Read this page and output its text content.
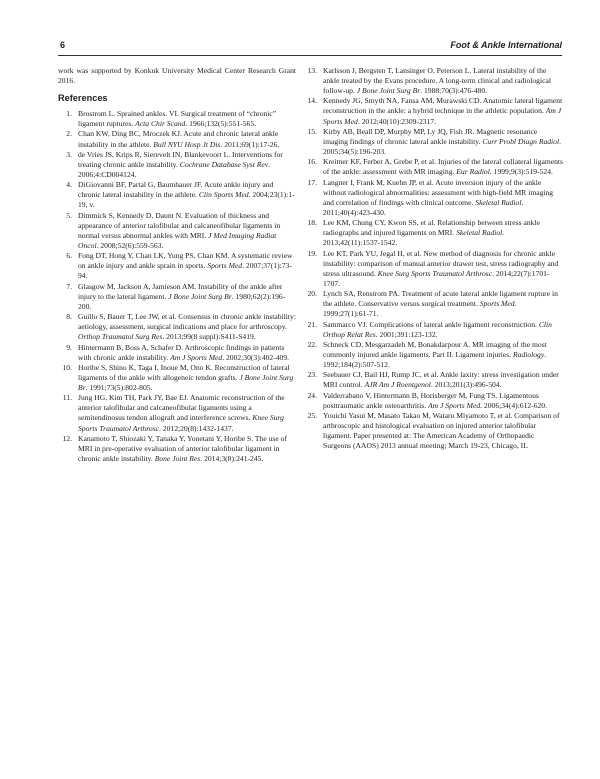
6	Foot & Ankle International

work was supported by Konkuk University Medical Center Research Grant 2016.

References
1. Brostrom L. Sprained ankles. VI. Surgical treatment of “chronic” ligament ruptures. Acta Chir Scand. 1966;132(5):551-565.
2. Chan KW, Ding BC, Mroczek KJ. Acute and chronic lateral ankle instability in the athlete. Bull NYU Hosp Jt Dis. 2011;69(1):17-26.
3. de Vries JS, Krips R, Sierevelt IN, Blankevoort L. Interventions for treating chronic ankle instability. Cochrane Database Syst Rev. 2006;4:CD004124.
4. DiGiovanni BF, Partal G, Baumhauer JF. Acute ankle injury and chronic lateral instability in the athlete. Clin Sports Med. 2004;23(1):1-19, v.
5. Dimmick S, Kennedy D, Daunt N. Evaluation of thickness and appearance of anterior talofibular and calcaneofibular ligaments in normal versus abnormal ankles with MRI. J Med Imaging Radiat Oncol. 2008;52(6):559-563.
6. Fong DT, Hong Y, Chan LK, Yung PS, Chan KM. A systematic review on ankle injury and ankle sprain in sports. Sports Med. 2007;37(1):73-94.
7. Glasgow M, Jackson A, Jamieson AM. Instability of the ankle after injury to the lateral ligament. J Bone Joint Surg Br. 1980;62(2):196-200.
8. Guillo S, Bauer T, Lee JW, et al. Consensus in chronic ankle instability: aetiology, assessment, surgical indications and place for arthroscopy. Orthop Traumatol Surg Res. 2013;99(8 suppl):S411-S419.
9. Hintermann B, Boss A, Schafer D. Arthroscopic findings in patients with chronic ankle instability. Am J Sports Med. 2002;30(3):402-409.
10. Horibe S, Shino K, Taga I, Inoue M, Ono K. Reconstruction of lateral ligaments of the ankle with allogeneic tendon grafts. J Bone Joint Surg Br. 1991;73(5):802-805.
11. Jung HG, Kim TH, Park JY, Bae EJ. Anatomic reconstruction of the anterior talofibular and calcaneofibular ligaments using a semitendinosus tendon allograft and interference screws. Knee Surg Sports Traumatol Arthrosc. 2012;20(8):1432-1437.
12. Kanamoto T, Shiozaki Y, Tanaka Y, Yonetani Y, Horibe S. The use of MRI in pre-operative evaluation of anterior talofibular ligament in chronic ankle instability. Bone Joint Res. 2014;3(8):241-245.
13. Karlsson J, Bergsten T, Lansinger O, Peterson L. Lateral instability of the ankle treated by the Evans procedure. A long-term clinical and radiological follow-up. J Bone Joint Surg Br. 1988;70(3):476-480.
14. Kennedy JG, Smyth NA, Fansa AM, Murawski CD. Anatomic lateral ligament reconstruction in the ankle: a hybrid technique in the athletic population. Am J Sports Med. 2012;40(10):2309-2317.
15. Kirby AB, Beall DP, Murphy MP, Ly JQ, Fish JR. Magnetic resonance imaging findings of chronic lateral ankle instability. Curr Probl Diagn Radiol. 2005;34(5):196-203.
16. Kreitner KF, Ferber A, Grebe P, et al. Injuries of the lateral collateral ligaments of the ankle: assessment with MR imaging. Eur Radiol. 1999;9(3):519-524.
17. Langner I, Frank M, Kuehn JP, et al. Acute inversion injury of the ankle without radiological abnormalities: assessment with high-field MR imaging and correlation of findings with clinical outcome. Skeletal Radiol. 2011;40(4):423-430.
18. Lee KM, Chung CY, Kwon SS, et al. Relationship between stress ankle radiographs and injured ligaments on MRI. Skeletal Radiol. 2013;42(11):1537-1542.
19. Lee KT, Park YU, Jegal H, et al. New method of diagnosis for chronic ankle instability: comparison of manual anterior drawer test, stress radiography and stress ultrasound. Knee Surg Sports Traumatol Arthrosc. 2014;22(7):1701-1707.
20. Lynch SA, Renstrom PA. Treatment of acute lateral ankle ligament rupture in the athlete. Conservative versus surgical treatment. Sports Med. 1999;27(1):61-71.
21. Sammarco VJ. Complications of lateral ankle ligament reconstruction. Clin Orthop Relat Res. 2001;391:123-132.
22. Schneck CD, Mesgarzadeh M, Bonakdarpour A. MR imaging of the most commonly injured ankle ligaments. Part II. Ligament injuries. Radiology. 1992;184(2):507-512.
23. Seebauer CJ, Bail HJ, Rump JC, et al. Ankle laxity: stress investigation under MRI control. AJR Am J Roentgenol. 2013;201(3):496-504.
24. Valderrabano V, Hintermann B, Horisberger M, Fung TS. Ligamentous posttraumatic ankle osteoarthritis. Am J Sports Med. 2006;34(4):612-620.
25. Youichi Yasui M, Masato Takao M, Wataru Miyamoto T, et al. Comparison of arthroscopic and histological evaluation on injured anterior talofibular ligament. Paper presented at: The American Academy of Orthopaedic Surgeons (AAOS) 2013 annual meeting; March 19-23, Chicago, IL
